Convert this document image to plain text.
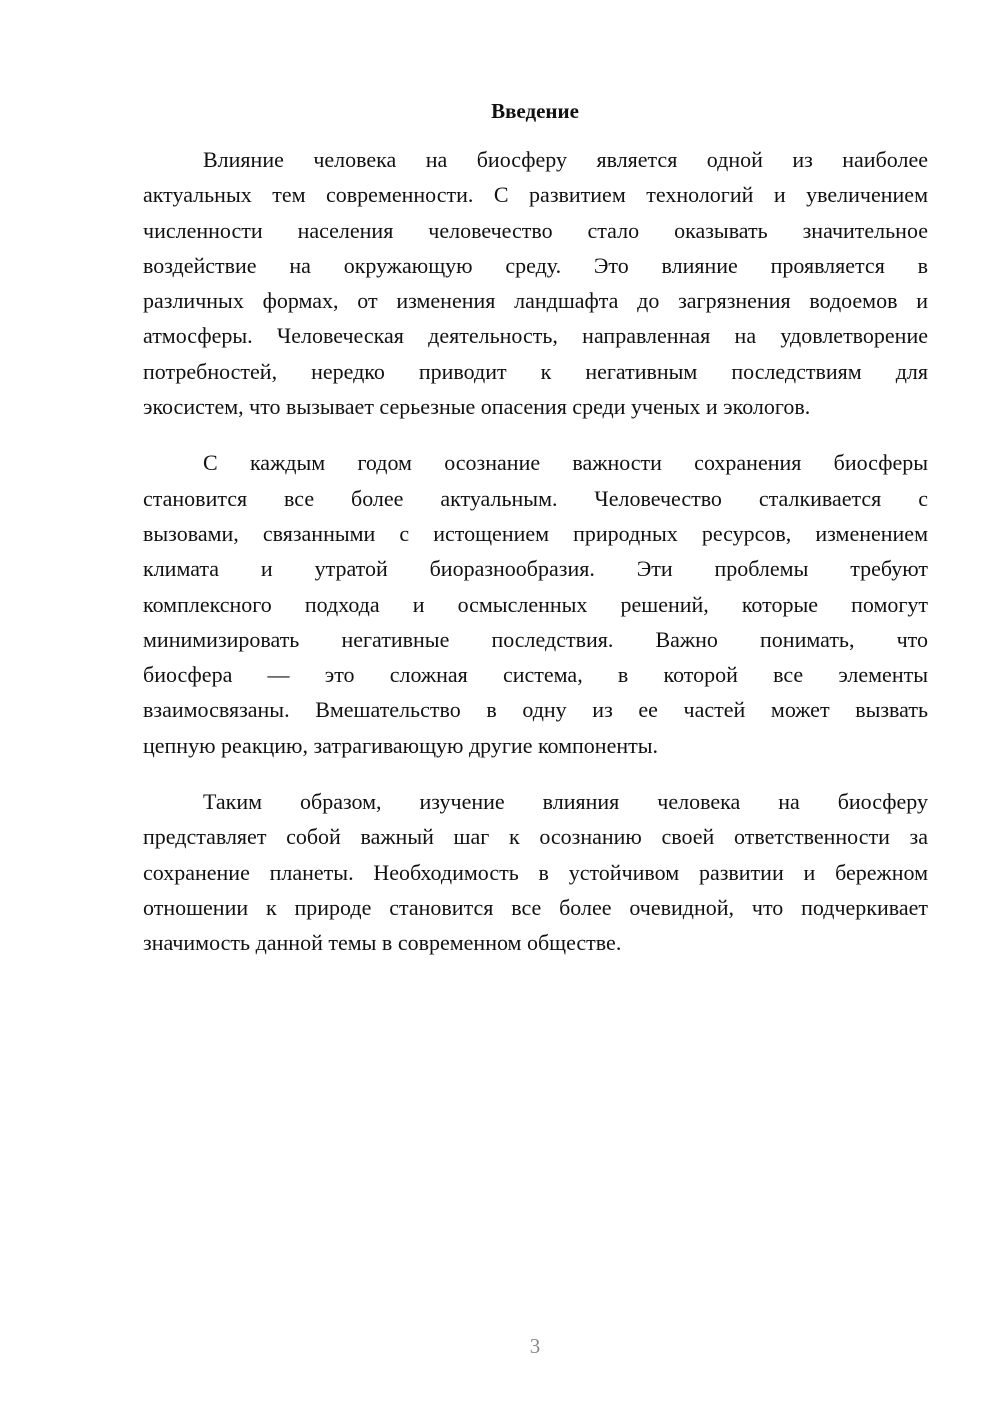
Введение
Влияние человека на биосферу является одной из наиболее
актуальных тем современности. С развитием технологий и увеличением
численности населения человечество стало оказывать значительное
воздействие на окружающую среду. Это влияние проявляется в
различных формах, от изменения ландшафта до загрязнения водоемов и
атмосферы. Человеческая деятельность, направленная на удовлетворение
потребностей, нередко приводит к негативным последствиям для
экосистем, что вызывает серьезные опасения среди ученых и экологов.
С каждым годом осознание важности сохранения биосферы
становится все более актуальным. Человечество сталкивается с
вызовами, связанными с истощением природных ресурсов, изменением
климата и утратой биоразнообразия. Эти проблемы требуют
комплексного подхода и осмысленных решений, которые помогут
минимизировать негативные последствия. Важно понимать, что
биосфера — это сложная система, в которой все элементы
взаимосвязаны. Вмешательство в одну из ее частей может вызвать
цепную реакцию, затрагивающую другие компоненты.
Таким образом, изучение влияния человека на биосферу
представляет собой важный шаг к осознанию своей ответственности за
сохранение планеты. Необходимость в устойчивом развитии и бережном
отношении к природе становится все более очевидной, что подчеркивает
значимость данной темы в современном обществе.
3
